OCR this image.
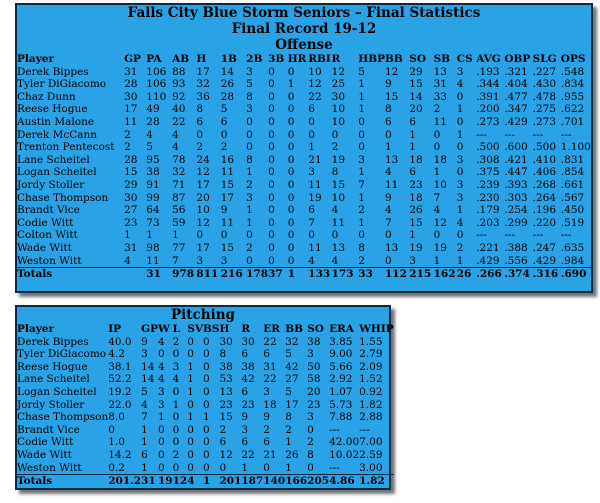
Falls City Blue Storm Seniors – Final Statistics
Final Record 19-12
Offense
Player	GP	PA	AB	H	1B	2B	3B	HR	RBI	R	HBP	BB	SO	SB	CS	AVG	OBP	SLG	OPS
Derek Bippes	31	106	88	17	14	3	0	0	10	12	5	12	29	13	3	.193	.321	.227	.548
Tyler DiGiacomo	28	106	93	32	26	5	0	1	12	25	1	9	15	31	4	.344	.404	.430	.834
Chaz Dunn	30	110	92	36	28	8	0	0	22	30	1	15	14	33	0	.391	.477	.478	.955
Reese Hogue	17	49	40	8	5	3	0	0	6	10	1	8	20	2	1	.200	.347	.275	.622
Austin Malone	11	28	22	6	6	0	0	0	0	10	0	6	6	11	0	.273	.429	.273	.701
Derek McCann	2	4	4	0	0	0	0	0	0	0	0	0	1	0	1	---	---	---	---
Trenton Pentecost	2	5	4	2	2	0	0	0	1	2	0	1	1	0	0	.500	.600	.500	1.100
Lane Scheitel	28	95	78	24	16	8	0	0	21	19	3	13	18	18	3	.308	.421	.410	.831
Logan Scheitel	15	38	32	12	11	1	0	0	3	8	1	4	6	1	0	.375	.447	.406	.854
Jordy Stoller	29	91	71	17	15	2	0	0	11	15	7	11	23	10	3	.239	.393	.268	.661
Chase Thompson	30	99	87	20	17	3	0	0	19	10	1	9	18	7	3	.230	.303	.264	.567
Brandt Vice	27	64	56	10	9	1	0	0	6	4	2	4	26	4	1	.179	.254	.196	.450
Codie Witt	23	73	59	12	11	1	0	0	7	11	1	7	15	12	4	.203	.299	.220	.519
Colton Witt	1	1	1	0	0	0	0	0	0	0	0	0	1	0	0	---	---	---	---
Wade Witt	31	98	77	17	15	2	0	0	11	13	8	13	19	19	2	.221	.388	.247	.635
Weston Witt	4	11	7	3	3	0	0	0	4	4	2	0	3	1	1	.429	.556	.429	.984
Totals		31	978	811	216	178	37	1	133	173	33	112	215	162	26	.266	.374	.316	.690
Pitching
Player	IP	GP	W	L	SV	BS	H	R	ER	BB	SO	ERA	WHIP
Derek Bippes	40.0	9	4	2	0	0	30	30	22	32	38	3.85	1.55
Tyler DiGiacomo	4.2	3	0	0	0	0	8	6	6	5	3	9.00	2.79
Reese Hogue	38.1	14	4	3	1	0	38	38	31	42	50	5.66	2.09
Lane Scheitel	52.2	14	4	4	1	0	53	42	22	27	58	2.92	1.52
Logan Scheitel	19.2	5	3	0	1	0	13	6	3	5	20	1.07	0.92
Jordy Stoller	22.0	4	3	1	0	0	23	23	18	17	23	5.73	1.82
Chase Thompson	8.0	7	1	0	1	1	15	9	9	8	3	7.88	2.88
Brandt Vice	0	1	0	0	0	0	2	3	2	2	0	---	---
Codie Witt	1.0	1	0	0	0	0	6	6	6	1	2	42.00	7.00
Wade Witt	14.2	6	0	2	0	0	12	22	21	26	8	10.02	2.59
Weston Witt	0.2	1	0	0	0	0	0	1	0	1	0	---	3.00
Totals	201.2	31	19	12	4	1	201	187	140	166	205	4.86	1.82
